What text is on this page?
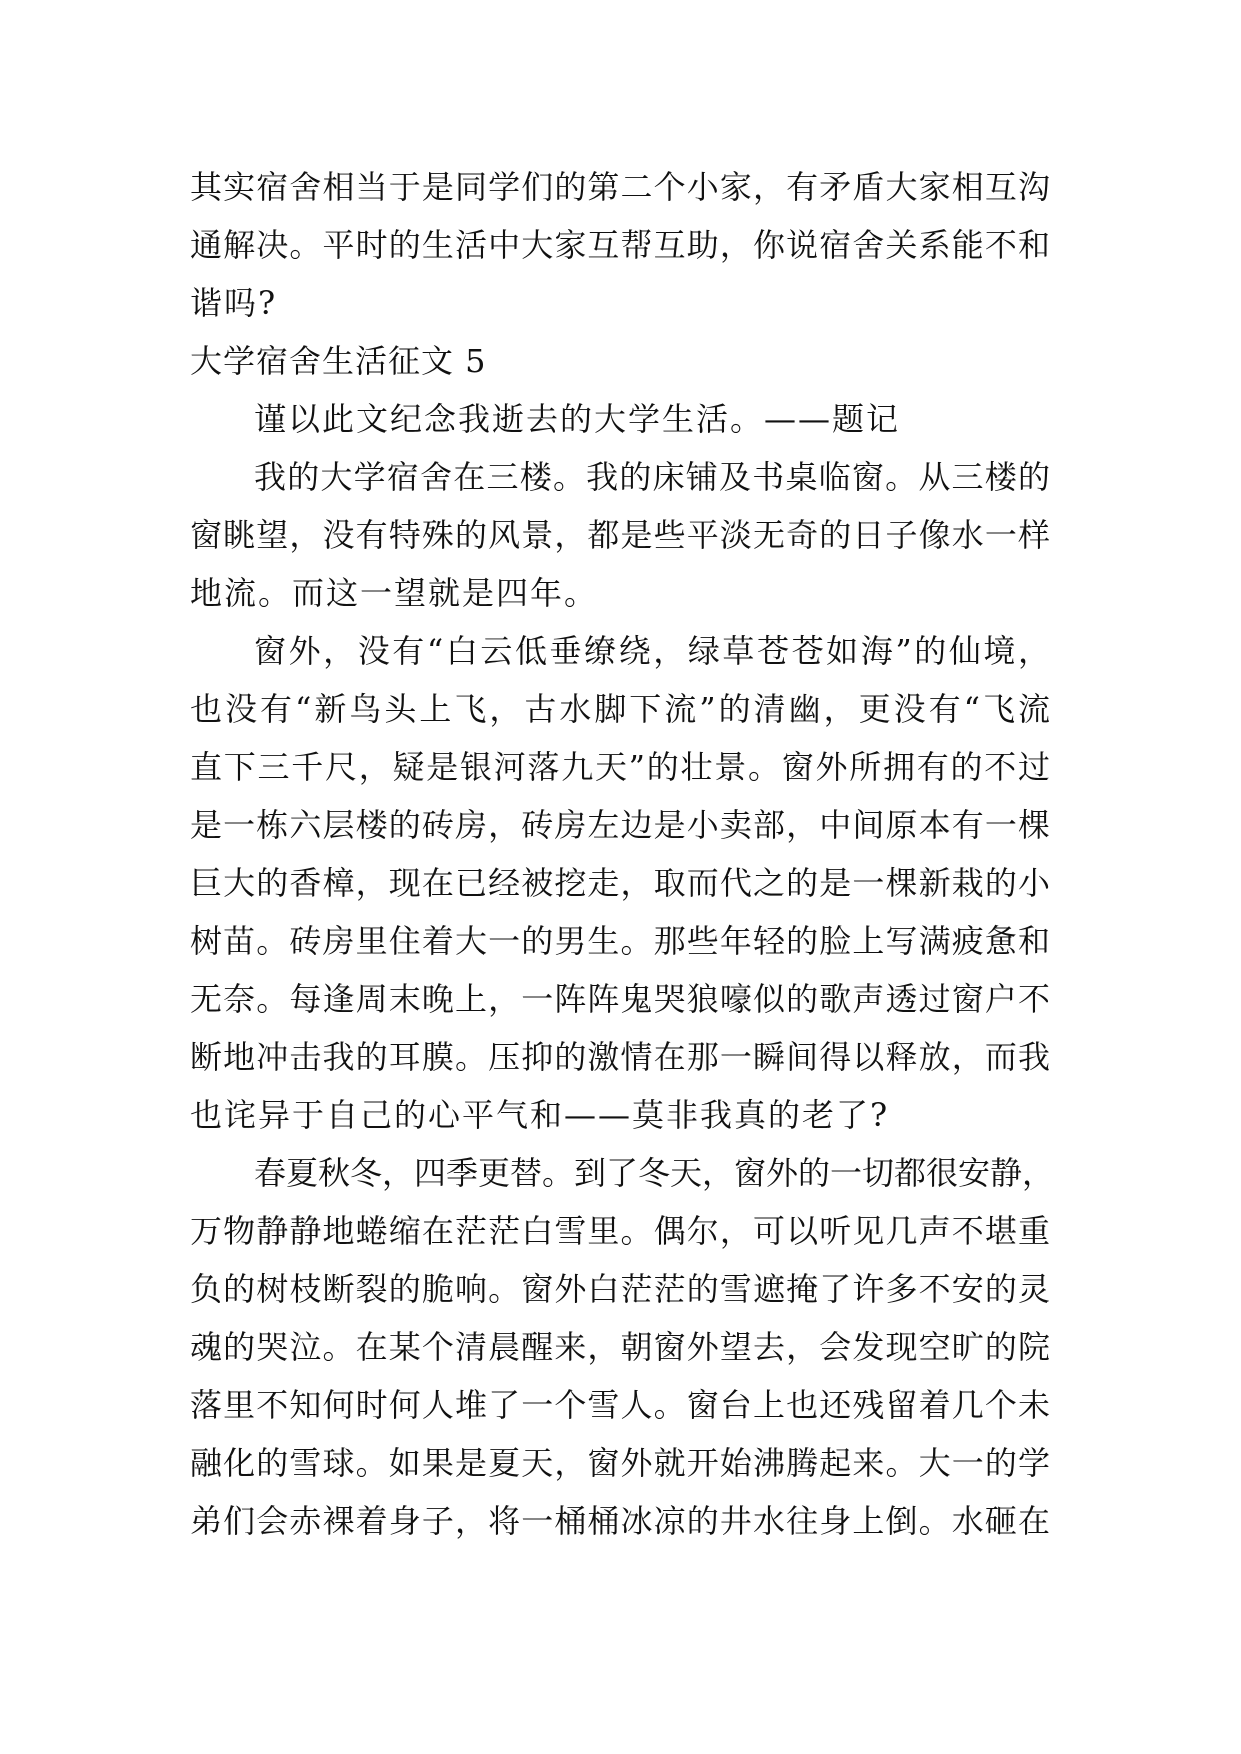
其实宿舍相当于是同学们的第二个小家，有矛盾大家相互沟
通解决。平时的生活中大家互帮互助，你说宿舍关系能不和
谐吗?
大学宿舍生活征文 5
谨以此文纪念我逝去的大学生活。——题记
我的大学宿舍在三楼。我的床铺及书桌临窗。从三楼的
窗眺望，没有特殊的风景，都是些平淡无奇的日子像水一样
地流。而这一望就是四年。
窗外，没有“白云低垂缭绕，绿草苍苍如海”的仙境，
也没有“新鸟头上飞，古水脚下流”的清幽，更没有“飞流
直下三千尺，疑是银河落九天”的壮景。窗外所拥有的不过
是一栋六层楼的砖房，砖房左边是小卖部，中间原本有一棵
巨大的香樟，现在已经被挖走，取而代之的是一棵新栽的小
树苗。砖房里住着大一的男生。那些年轻的脸上写满疲惫和
无奈。每逢周末晚上，一阵阵鬼哭狼嚎似的歌声透过窗户不
断地冲击我的耳膜。压抑的激情在那一瞬间得以释放，而我
也诧异于自己的心平气和——莫非我真的老了?
春夏秋冬，四季更替。到了冬天，窗外的一切都很安静，
万物静静地蜷缩在茫茫白雪里。偶尔，可以听见几声不堪重
负的树枝断裂的脆响。窗外白茫茫的雪遮掩了许多不安的灵
魂的哭泣。在某个清晨醒来，朝窗外望去，会发现空旷的院
落里不知何时何人堆了一个雪人。窗台上也还残留着几个未
融化的雪球。如果是夏天，窗外就开始沸腾起来。大一的学
弟们会赤裸着身子，将一桶桶冰凉的井水往身上倒。水砸在
